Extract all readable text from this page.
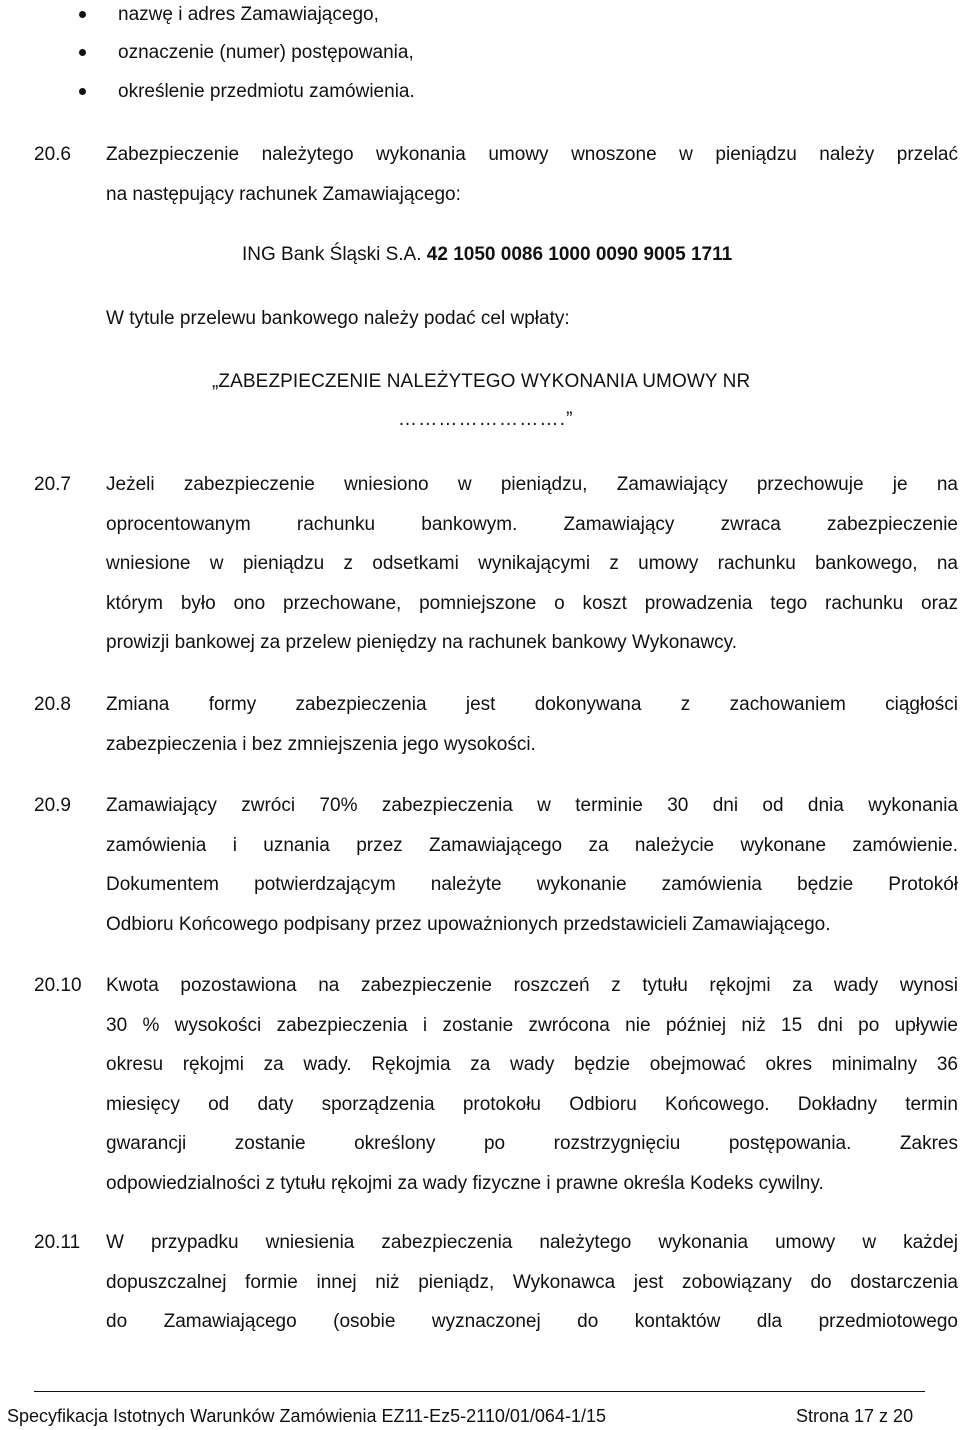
nazwę i adres Zamawiającego,
oznaczenie (numer) postępowania,
określenie przedmiotu zamówienia.
20.6 Zabezpieczenie należytego wykonania umowy wnoszone w pieniądzu należy przelać
na następujący rachunek Zamawiającego:
ING Bank Śląski S.A. 42 1050 0086 1000 0090 9005 1711
W tytule przelewu bankowego należy podać cel wpłaty:
„ZABEZPIECZENIE NALEŻYTEGO WYKONANIA UMOWY NR
…………………….”
20.7 Jeżeli zabezpieczenie wniesiono w pieniądzu, Zamawiający przechowuje je na
oprocentowanym rachunku bankowym. Zamawiający zwraca zabezpieczenie
wniesione w pieniądzu z odsetkami wynikającymi z umowy rachunku bankowego, na
którym było ono przechowane, pomniejszone o koszt prowadzenia tego rachunku oraz
prowizji bankowej za przelew pieniędzy na rachunek bankowy Wykonawcy.
20.8 Zmiana formy zabezpieczenia jest dokonywana z zachowaniem ciągłości
zabezpieczenia i bez zmniejszenia jego wysokości.
20.9 Zamawiający zwróci 70% zabezpieczenia w terminie 30 dni od dnia wykonania
zamówienia i uznania przez Zamawiającego za należycie wykonane zamówienie.
Dokumentem potwierdzającym należyte wykonanie zamówienia będzie Protokół
Odbioru Końcowego podpisany przez upoważnionych przedstawicieli Zamawiającego.
20.10 Kwota pozostawiona na zabezpieczenie roszczeń z tytułu rękojmi za wady wynosi
30 % wysokości zabezpieczenia i zostanie zwrócona nie później niż 15 dni po upływie
okresu rękojmi za wady. Rękojmia za wady będzie obejmować okres minimalny 36
miesięcy od daty sporządzenia protokołu Odbioru Końcowego. Dokładny termin
gwarancji zostanie określony po rozstrzygnięciu postępowania. Zakres
odpowiedzialności z tytułu rękojmi za wady fizyczne i prawne określa Kodeks cywilny.
20.11 W przypadku wniesienia zabezpieczenia należytego wykonania umowy w każdej
dopuszczalnej formie innej niż pieniądz, Wykonawca jest zobowiązany do dostarczenia
do Zamawiającego (osobie wyznaczonej do kontaktów dla przedmiotowego
Specyfikacja Istotnych Warunków Zamówienia EZ11-Ez5-2110/01/064-1/15	Strona 17 z 20
